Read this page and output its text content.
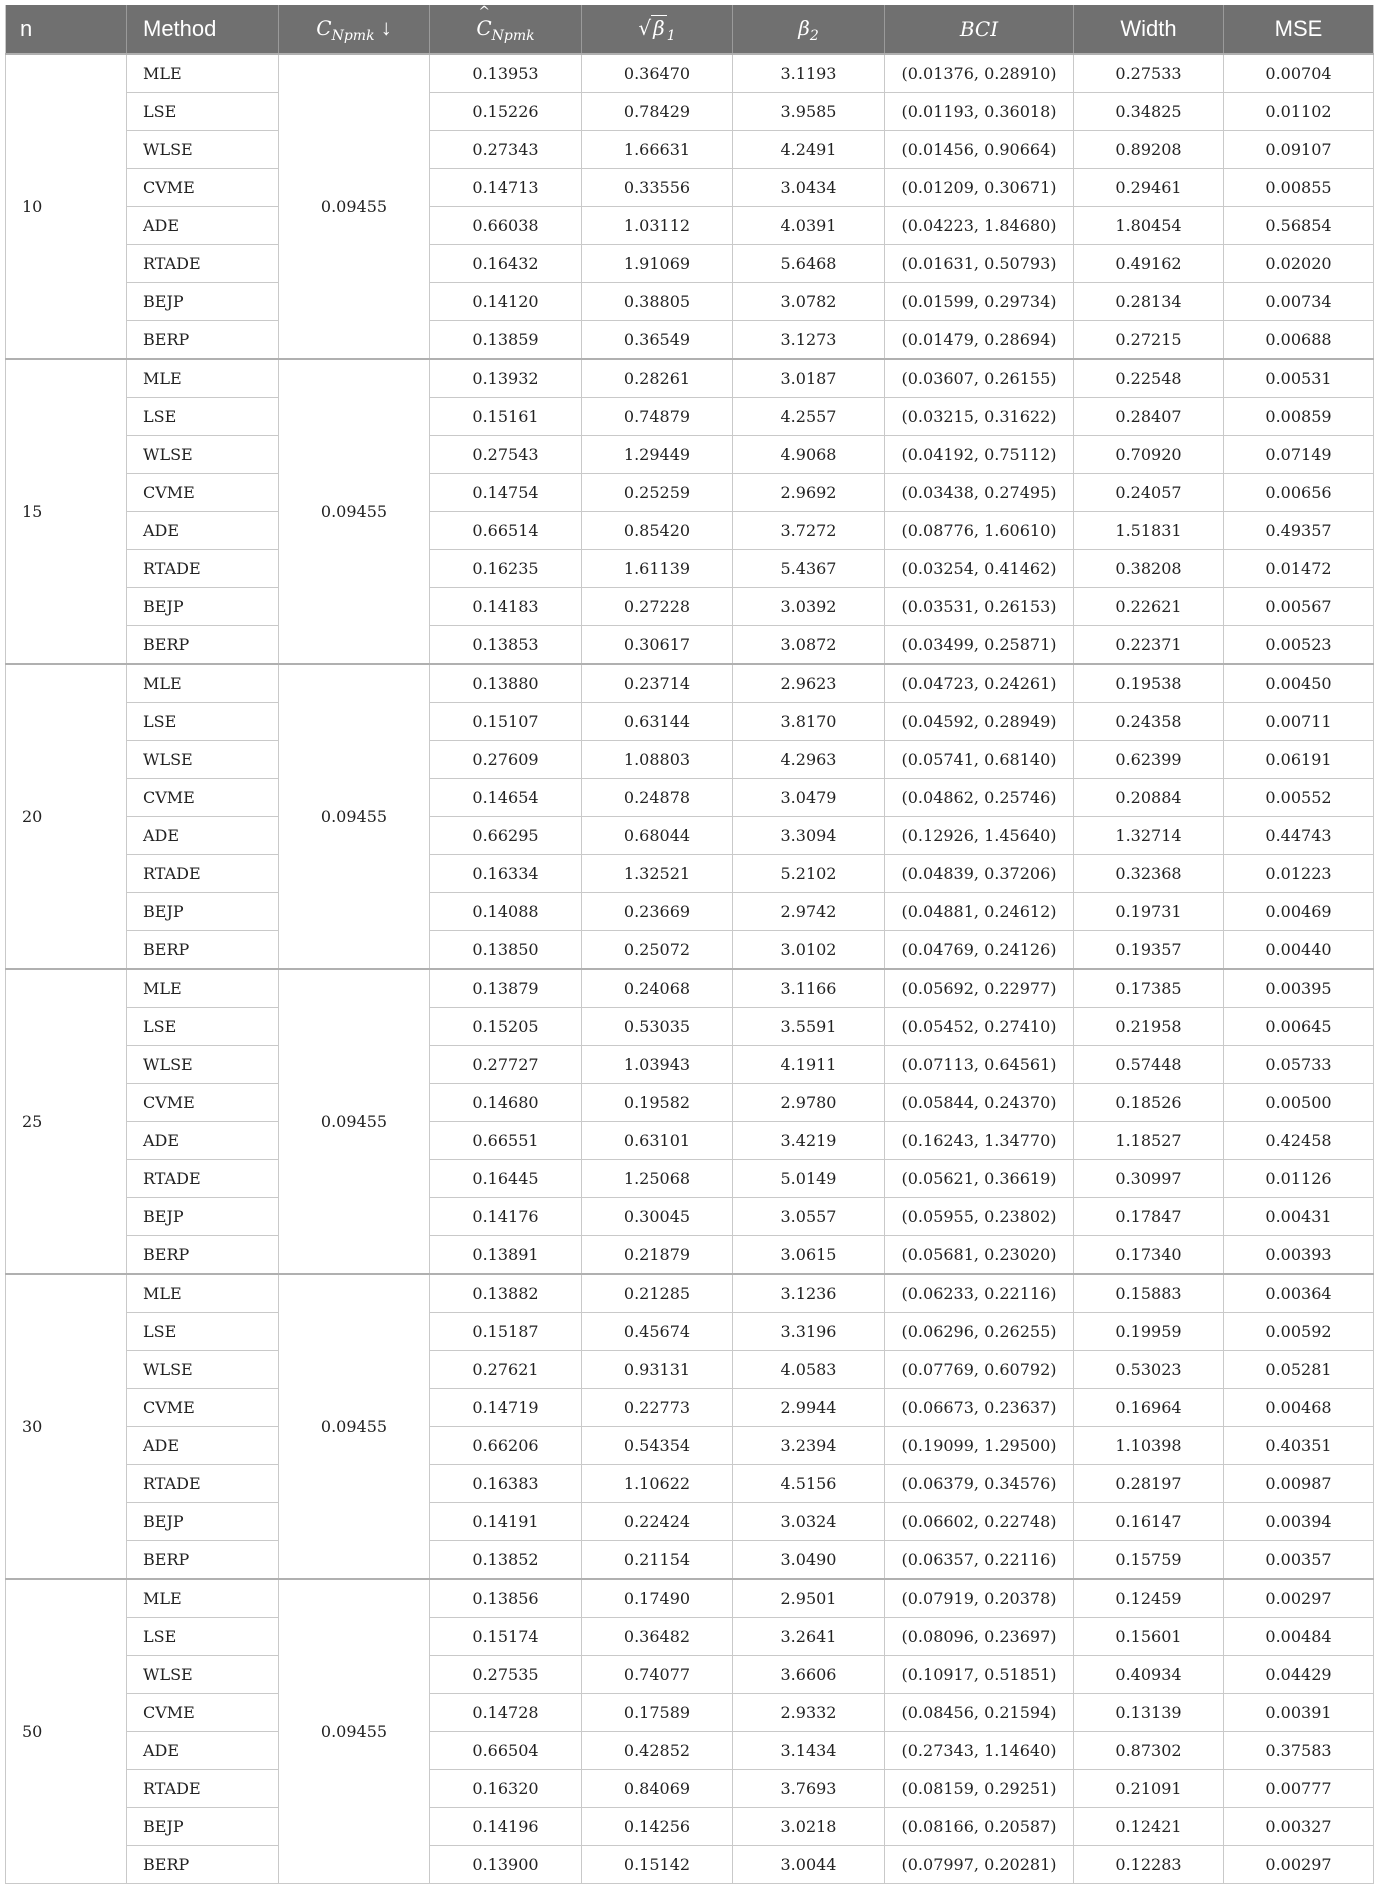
n	Method	$C_{Npmk}$ ↓	^ $C_{Npmk}$	√ β $_1$	$\beta_2$	BCI	Width	MSE
10	MLE	0.09455	0.13953	0.36470	3.1193	(0.01376, 0.28910)	0.27533	0.00704
	LSE		0.15226	0.78429	3.9585	(0.01193, 0.36018)	0.34825	0.01102
	WLSE		0.27343	1.66631	4.2491	(0.01456, 0.90664)	0.89208	0.09107
	CVME		0.14713	0.33556	3.0434	(0.01209, 0.30671)	0.29461	0.00855
	ADE		0.66038	1.03112	4.0391	(0.04223, 1.84680)	1.80454	0.56854
	RTADE		0.16432	1.91069	5.6468	(0.01631, 0.50793)	0.49162	0.02020
	BEJP		0.14120	0.38805	3.0782	(0.01599, 0.29734)	0.28134	0.00734
	BERP		0.13859	0.36549	3.1273	(0.01479, 0.28694)	0.27215	0.00688
15	MLE	0.09455	0.13932	0.28261	3.0187	(0.03607, 0.26155)	0.22548	0.00531
	LSE		0.15161	0.74879	4.2557	(0.03215, 0.31622)	0.28407	0.00859
	WLSE		0.27543	1.29449	4.9068	(0.04192, 0.75112)	0.70920	0.07149
	CVME		0.14754	0.25259	2.9692	(0.03438, 0.27495)	0.24057	0.00656
	ADE		0.66514	0.85420	3.7272	(0.08776, 1.60610)	1.51831	0.49357
	RTADE		0.16235	1.61139	5.4367	(0.03254, 0.41462)	0.38208	0.01472
	BEJP		0.14183	0.27228	3.0392	(0.03531, 0.26153)	0.22621	0.00567
	BERP		0.13853	0.30617	3.0872	(0.03499, 0.25871)	0.22371	0.00523
20	MLE	0.09455	0.13880	0.23714	2.9623	(0.04723, 0.24261)	0.19538	0.00450
	LSE		0.15107	0.63144	3.8170	(0.04592, 0.28949)	0.24358	0.00711
	WLSE		0.27609	1.08803	4.2963	(0.05741, 0.68140)	0.62399	0.06191
	CVME		0.14654	0.24878	3.0479	(0.04862, 0.25746)	0.20884	0.00552
	ADE		0.66295	0.68044	3.3094	(0.12926, 1.45640)	1.32714	0.44743
	RTADE		0.16334	1.32521	5.2102	(0.04839, 0.37206)	0.32368	0.01223
	BEJP		0.14088	0.23669	2.9742	(0.04881, 0.24612)	0.19731	0.00469
	BERP		0.13850	0.25072	3.0102	(0.04769, 0.24126)	0.19357	0.00440
25	MLE	0.09455	0.13879	0.24068	3.1166	(0.05692, 0.22977)	0.17385	0.00395
	LSE		0.15205	0.53035	3.5591	(0.05452, 0.27410)	0.21958	0.00645
	WLSE		0.27727	1.03943	4.1911	(0.07113, 0.64561)	0.57448	0.05733
	CVME		0.14680	0.19582	2.9780	(0.05844, 0.24370)	0.18526	0.00500
	ADE		0.66551	0.63101	3.4219	(0.16243, 1.34770)	1.18527	0.42458
	RTADE		0.16445	1.25068	5.0149	(0.05621, 0.36619)	0.30997	0.01126
	BEJP		0.14176	0.30045	3.0557	(0.05955, 0.23802)	0.17847	0.00431
	BERP		0.13891	0.21879	3.0615	(0.05681, 0.23020)	0.17340	0.00393
30	MLE	0.09455	0.13882	0.21285	3.1236	(0.06233, 0.22116)	0.15883	0.00364
	LSE		0.15187	0.45674	3.3196	(0.06296, 0.26255)	0.19959	0.00592
	WLSE		0.27621	0.93131	4.0583	(0.07769, 0.60792)	0.53023	0.05281
	CVME		0.14719	0.22773	2.9944	(0.06673, 0.23637)	0.16964	0.00468
	ADE		0.66206	0.54354	3.2394	(0.19099, 1.29500)	1.10398	0.40351
	RTADE		0.16383	1.10622	4.5156	(0.06379, 0.34576)	0.28197	0.00987
	BEJP		0.14191	0.22424	3.0324	(0.06602, 0.22748)	0.16147	0.00394
	BERP		0.13852	0.21154	3.0490	(0.06357, 0.22116)	0.15759	0.00357
50	MLE	0.09455	0.13856	0.17490	2.9501	(0.07919, 0.20378)	0.12459	0.00297
	LSE		0.15174	0.36482	3.2641	(0.08096, 0.23697)	0.15601	0.00484
	WLSE		0.27535	0.74077	3.6606	(0.10917, 0.51851)	0.40934	0.04429
	CVME		0.14728	0.17589	2.9332	(0.08456, 0.21594)	0.13139	0.00391
	ADE		0.66504	0.42852	3.1434	(0.27343, 1.14640)	0.87302	0.37583
	RTADE		0.16320	0.84069	3.7693	(0.08159, 0.29251)	0.21091	0.00777
	BEJP		0.14196	0.14256	3.0218	(0.08166, 0.20587)	0.12421	0.00327
	BERP		0.13900	0.15142	3.0044	(0.07997, 0.20281)	0.12283	0.00297
